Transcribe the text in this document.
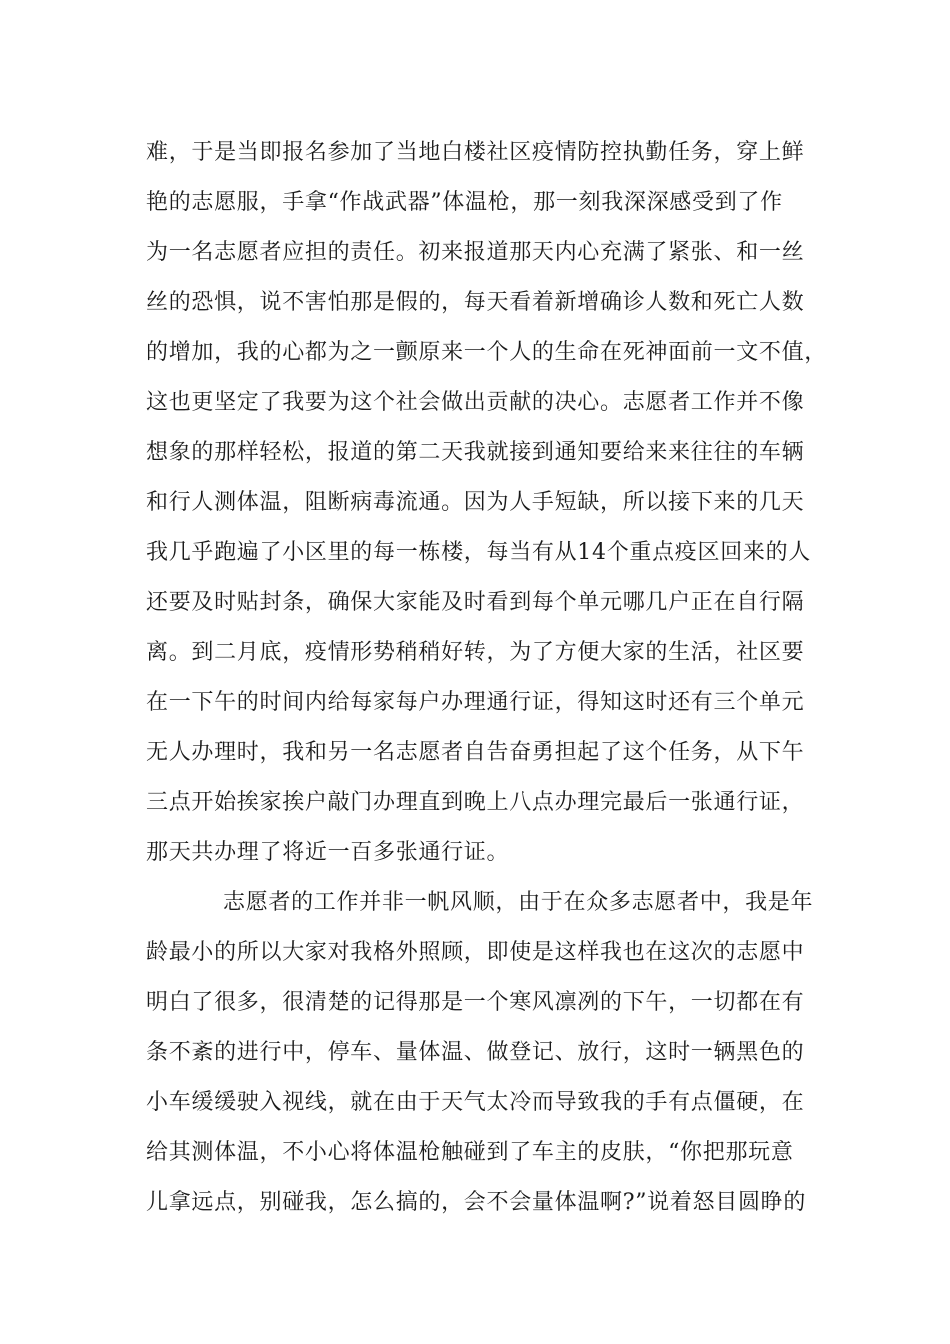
难，于是当即报名参加了当地白楼社区疫情防控执勤任务，穿上鲜
艳的志愿服，手拿“作战武器”体温枪，那一刻我深深感受到了作
为一名志愿者应担的责任。初来报道那天内心充满了紧张、和一丝
丝的恐惧，说不害怕那是假的，每天看着新增确诊人数和死亡人数
的增加，我的心都为之一颤原来一个人的生命在死神面前一文不值，
这也更坚定了我要为这个社会做出贡献的决心。志愿者工作并不像
想象的那样轻松，报道的第二天我就接到通知要给来来往往的车辆
和行人测体温，阻断病毒流通。因为人手短缺，所以接下来的几天
我几乎跑遍了小区里的每一栋楼，每当有从14个重点疫区回来的人
还要及时贴封条，确保大家能及时看到每个单元哪几户正在自行隔
离。到二月底，疫情形势稍稍好转，为了方便大家的生活，社区要
在一下午的时间内给每家每户办理通行证，得知这时还有三个单元
无人办理时，我和另一名志愿者自告奋勇担起了这个任务，从下午
三点开始挨家挨户敲门办理直到晚上八点办理完最后一张通行证，
那天共办理了将近一百多张通行证。
志愿者的工作并非一帆风顺，由于在众多志愿者中，我是年
龄最小的所以大家对我格外照顾，即使是这样我也在这次的志愿中
明白了很多，很清楚的记得那是一个寒风凛冽的下午，一切都在有
条不紊的进行中，停车、量体温、做登记、放行，这时一辆黑色的
小车缓缓驶入视线，就在由于天气太冷而导致我的手有点僵硬，在
给其测体温，不小心将体温枪触碰到了车主的皮肤，“你把那玩意
儿拿远点，别碰我，怎么搞的，会不会量体温啊?”说着怒目圆睁的
